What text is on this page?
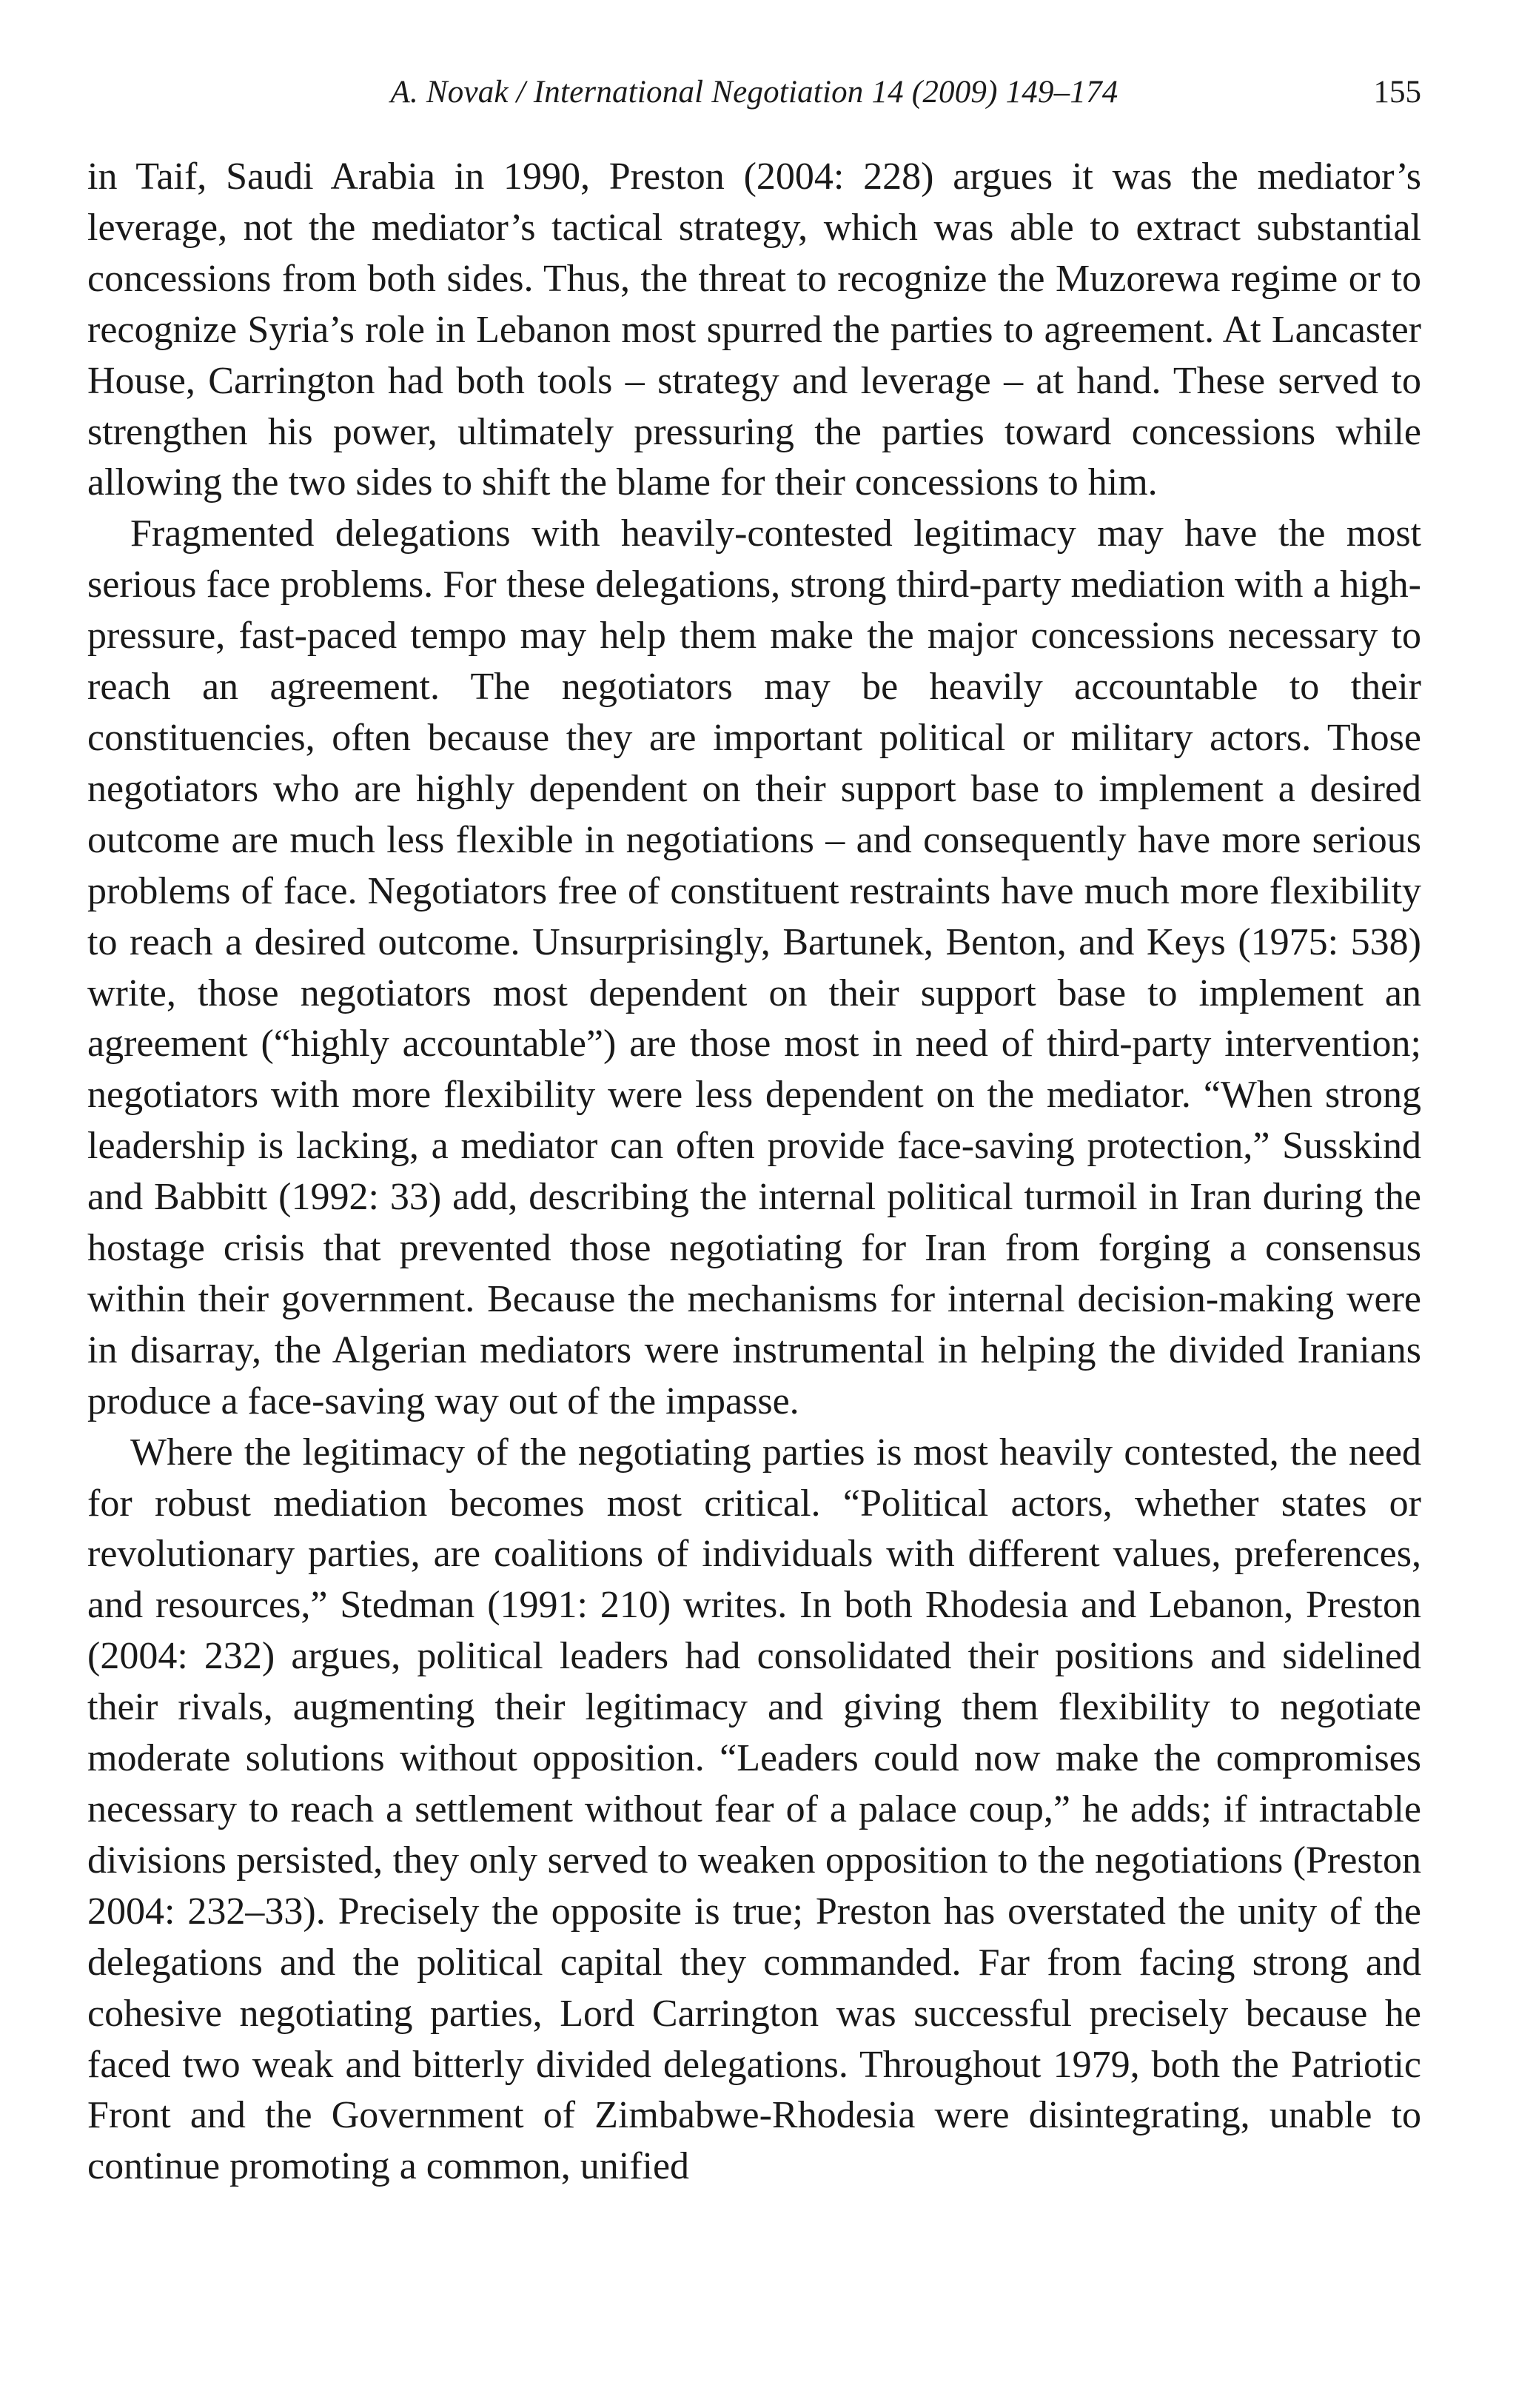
A. Novak / International Negotiation 14 (2009) 149–174	155

in Taif, Saudi Arabia in 1990, Preston (2004: 228) argues it was the mediator’s leverage, not the mediator’s tactical strategy, which was able to extract substantial concessions from both sides. Thus, the threat to recognize the Muzorewa regime or to recognize Syria’s role in Lebanon most spurred the parties to agreement. At Lancaster House, Carrington had both tools – strategy and leverage – at hand. These served to strengthen his power, ultimately pressuring the parties toward concessions while allowing the two sides to shift the blame for their concessions to him.

Fragmented delegations with heavily-contested legitimacy may have the most serious face problems. For these delegations, strong third-party mediation with a high-pressure, fast-paced tempo may help them make the major concessions necessary to reach an agreement. The negotiators may be heavily accountable to their constituencies, often because they are important political or military actors. Those negotiators who are highly dependent on their support base to implement a desired outcome are much less flexible in negotiations – and consequently have more serious problems of face. Negotiators free of constituent restraints have much more flexibility to reach a desired outcome. Unsurprisingly, Bartunek, Benton, and Keys (1975: 538) write, those negotiators most dependent on their support base to implement an agreement (“highly accountable”) are those most in need of third-party intervention; negotiators with more flexibility were less dependent on the mediator. “When strong leadership is lacking, a mediator can often provide face-saving protection,” Susskind and Babbitt (1992: 33) add, describing the internal political turmoil in Iran during the hostage crisis that prevented those negotiating for Iran from forging a consensus within their government. Because the mechanisms for internal decision-making were in disarray, the Algerian mediators were instrumental in helping the divided Iranians produce a face-saving way out of the impasse.

Where the legitimacy of the negotiating parties is most heavily contested, the need for robust mediation becomes most critical. “Political actors, whether states or revolutionary parties, are coalitions of individuals with different values, preferences, and resources,” Stedman (1991: 210) writes. In both Rhodesia and Lebanon, Preston (2004: 232) argues, political leaders had consolidated their positions and sidelined their rivals, augmenting their legitimacy and giving them flexibility to negotiate moderate solutions without opposition. “Leaders could now make the compromises necessary to reach a settlement without fear of a palace coup,” he adds; if intractable divisions persisted, they only served to weaken opposition to the negotiations (Preston 2004: 232–33). Precisely the opposite is true; Preston has overstated the unity of the delegations and the political capital they commanded. Far from facing strong and cohesive negotiating parties, Lord Carrington was successful precisely because he faced two weak and bitterly divided delegations. Throughout 1979, both the Patriotic Front and the Government of Zimbabwe-Rhodesia were disintegrating, unable to continue promoting a common, unified
